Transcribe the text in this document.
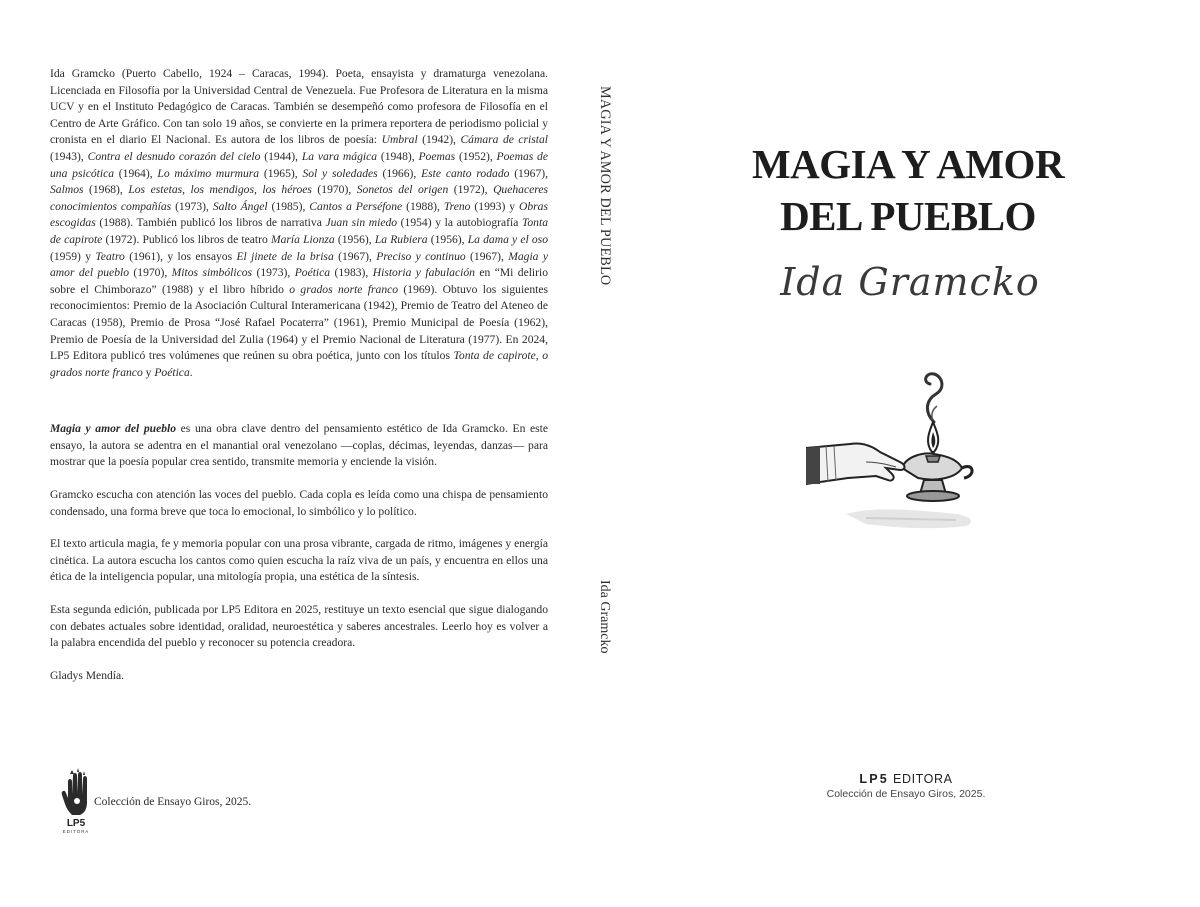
Ida Gramcko (Puerto Cabello, 1924 – Caracas, 1994). Poeta, ensayista y dramaturga venezolana. Licenciada en Filosofía por la Universidad Central de Venezuela. Fue Profesora de Literatura en la misma UCV y en el Instituto Pedagógico de Caracas. También se desempeñó como profesora de Filosofía en el Centro de Arte Gráfico. Con tan solo 19 años, se convierte en la primera reportera de periodismo policial y cronista en el diario El Nacional. Es autora de los libros de poesía: Umbral (1942), Cámara de cristal (1943), Contra el desnudo corazón del cielo (1944), La vara mágica (1948), Poemas (1952), Poemas de una psicótica (1964), Lo máximo murmura (1965), Sol y soledades (1966), Este canto rodado (1967), Salmos (1968), Los estetas, los mendigos, los héroes (1970), Sonetos del origen (1972), Quehaceres conocimientos compañías (1973), Salto Ángel (1985), Cantos a Perséfone (1988), Treno (1993) y Obras escogidas (1988). También publicó los libros de narrativa Juan sin miedo (1954) y la autobiografía Tonta de capirote (1972). Publicó los libros de teatro María Lionza (1956), La Rubiera (1956), La dama y el oso (1959) y Teatro (1961), y los ensayos El jinete de la brisa (1967), Preciso y continuo (1967), Magia y amor del pueblo (1970), Mitos simbólicos (1973), Poética (1983), Historia y fabulación en “Mi delirio sobre el Chimborazo” (1988) y el libro híbrido o grados norte franco (1969). Obtuvo los siguientes reconocimientos: Premio de la Asociación Cultural Interamericana (1942), Premio de Teatro del Ateneo de Caracas (1958), Premio de Prosa “José Rafael Pocaterra” (1961), Premio Municipal de Poesía (1962), Premio de Poesía de la Universidad del Zulia (1964) y el Premio Nacional de Literatura (1977). En 2024, LP5 Editora publicó tres volúmenes que reúnen su obra poética, junto con los títulos Tonta de capirote, o grados norte franco y Poética.

Magia y amor del pueblo es una obra clave dentro del pensamiento estético de Ida Gramcko. En este ensayo, la autora se adentra en el manantial oral venezolano —coplas, décimas, leyendas, danzas— para mostrar que la poesía popular crea sentido, transmite memoria y enciende la visión.

Gramcko escucha con atención las voces del pueblo. Cada copla es leída como una chispa de pensamiento condensado, una forma breve que toca lo emocional, lo simbólico y lo político.

El texto articula magia, fe y memoria popular con una prosa vibrante, cargada de ritmo, imágenes y energía cinética. La autora escucha los cantos como quien escucha la raíz viva de un país, y encuentra en ellos una ética de la inteligencia popular, una mitología propia, una estética de la síntesis.

Esta segunda edición, publicada por LP5 Editora en 2025, restituye un texto esencial que sigue dialogando con debates actuales sobre identidad, oralidad, neuroestética y saberes ancestrales. Leerlo hoy es volver a la palabra encendida del pueblo y reconocer su potencia creadora.

Gladys Mendía.

LP5
EDITORA
Colección de Ensayo Giros, 2025.
MAGIA Y AMOR DEL PUEBLO
Ida Gramcko
MAGIA Y AMOR
DEL PUEBLO
Ida Gramcko
LP5 EDITORA
Colección de Ensayo Giros, 2025.
